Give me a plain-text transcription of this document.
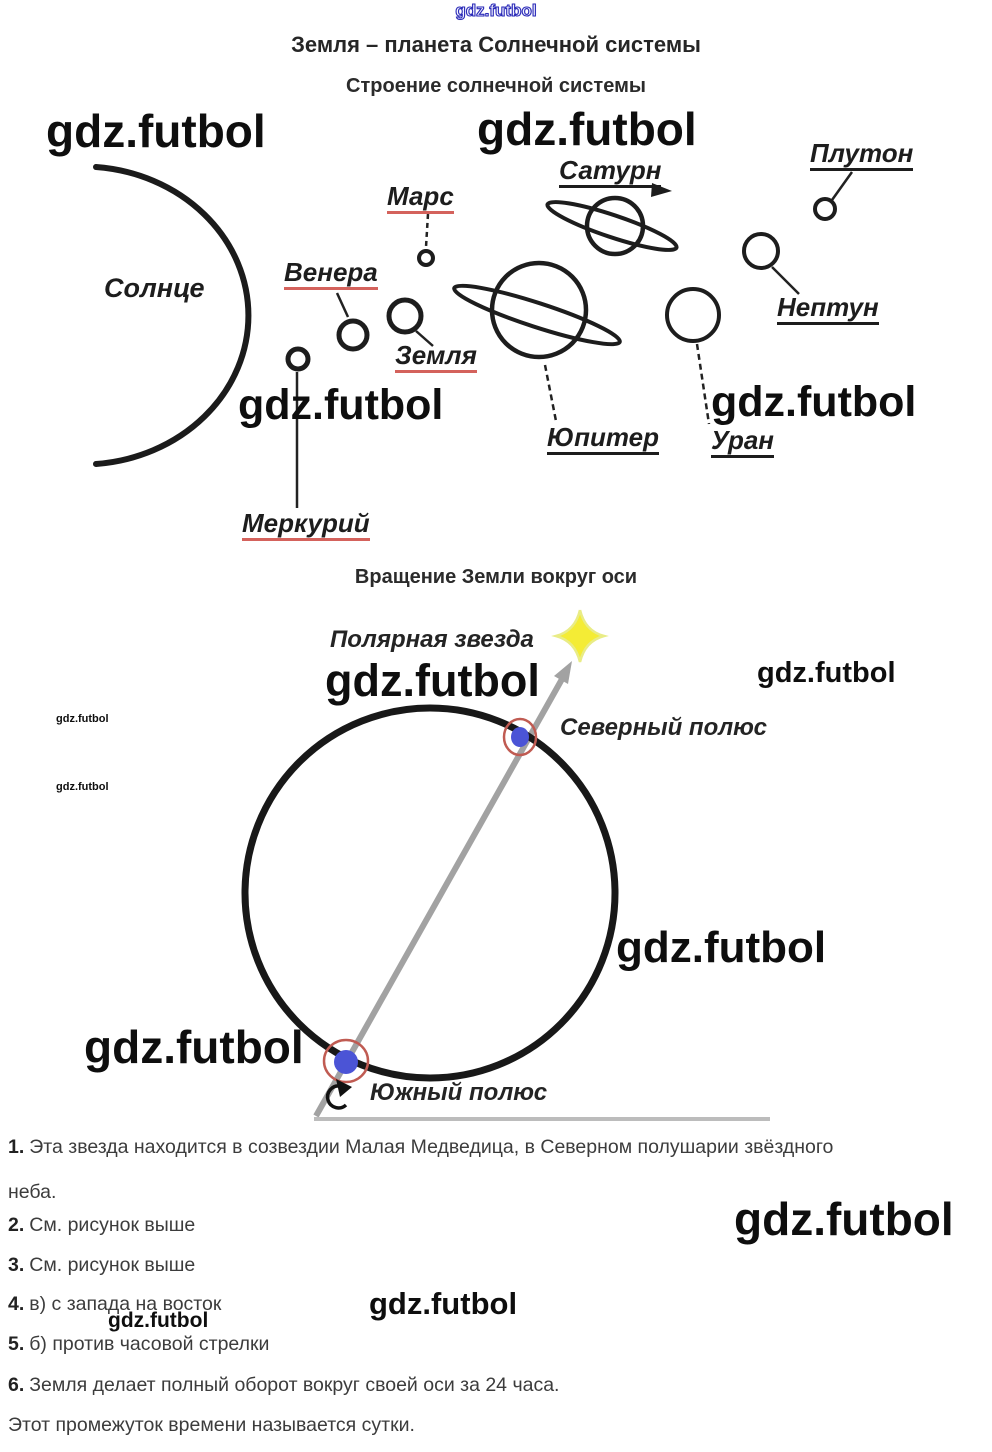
gdz.futbol
gdz.futbol	gdz.futbol
gdz.futbol	gdz.futbol
gdz.futbol	gdz.futbol
gdz.futbol
gdz.futbol
gdz.futbol
gdz.futbol
gdz.futbol
gdz.futbol	gdz.futbol
Земля – планета Солнечной системы
Строение солнечной системы
Вращение Земли вокруг оси
Солнце
Марс
Венера
Земля
Меркурий
Сатурн
Юпитер Уран
Нептун
Плутон
Полярная звезда
Северный полюс
Южный полюс
1. Эта звезда находится в созвездии Малая Медведица, в Северном полушарии звёздного
неба.
2. См. рисунок выше
3. См. рисунок выше
4. в) с запада на восток
5. б) против часовой стрелки
6. Земля делает полный оборот вокруг своей оси за 24 часа.
Этот промежуток времени называется сутки.
